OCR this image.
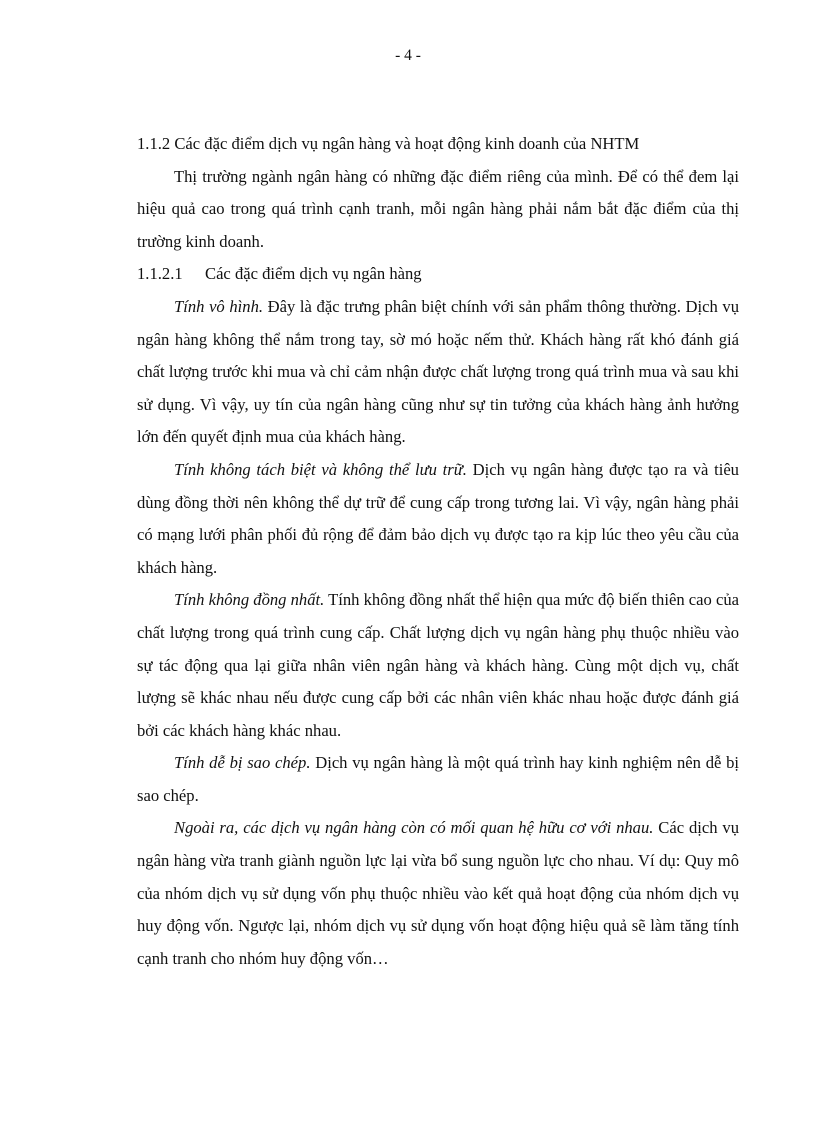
- 4 -

1.1.2 Các đặc điểm dịch vụ ngân hàng và hoạt động kinh doanh của NHTM

Thị trường ngành ngân hàng có những đặc điểm riêng của mình. Để có thể đem lại hiệu quả cao trong quá trình cạnh tranh, mỗi ngân hàng phải nắm bắt đặc điểm của thị trường kinh doanh.

1.1.2.1 Các đặc điểm dịch vụ ngân hàng

Tính vô hình. Đây là đặc trưng phân biệt chính với sản phẩm thông thường. Dịch vụ ngân hàng không thể nắm trong tay, sờ mó hoặc nếm thử. Khách hàng rất khó đánh giá chất lượng trước khi mua và chỉ cảm nhận được chất lượng trong quá trình mua và sau khi sử dụng. Vì vậy, uy tín của ngân hàng cũng như sự tin tưởng của khách hàng ảnh hưởng lớn đến quyết định mua của khách hàng.

Tính không tách biệt và không thể lưu trữ. Dịch vụ ngân hàng được tạo ra và tiêu dùng đồng thời nên không thể dự trữ để cung cấp trong tương lai. Vì vậy, ngân hàng phải có mạng lưới phân phối đủ rộng để đảm bảo dịch vụ được tạo ra kịp lúc theo yêu cầu của khách hàng.

Tính không đồng nhất. Tính không đồng nhất thể hiện qua mức độ biến thiên cao của chất lượng trong quá trình cung cấp. Chất lượng dịch vụ ngân hàng phụ thuộc nhiều vào sự tác động qua lại giữa nhân viên ngân hàng và khách hàng. Cùng một dịch vụ, chất lượng sẽ khác nhau nếu được cung cấp bởi các nhân viên khác nhau hoặc được đánh giá bởi các khách hàng khác nhau.

Tính dễ bị sao chép. Dịch vụ ngân hàng là một quá trình hay kinh nghiệm nên dễ bị sao chép.

Ngoài ra, các dịch vụ ngân hàng còn có mối quan hệ hữu cơ với nhau. Các dịch vụ ngân hàng vừa tranh giành nguồn lực lại vừa bổ sung nguồn lực cho nhau. Ví dụ: Quy mô của nhóm dịch vụ sử dụng vốn phụ thuộc nhiều vào kết quả hoạt động của nhóm dịch vụ huy động vốn. Ngược lại, nhóm dịch vụ sử dụng vốn hoạt động hiệu quả sẽ làm tăng tính cạnh tranh cho nhóm huy động vốn…
